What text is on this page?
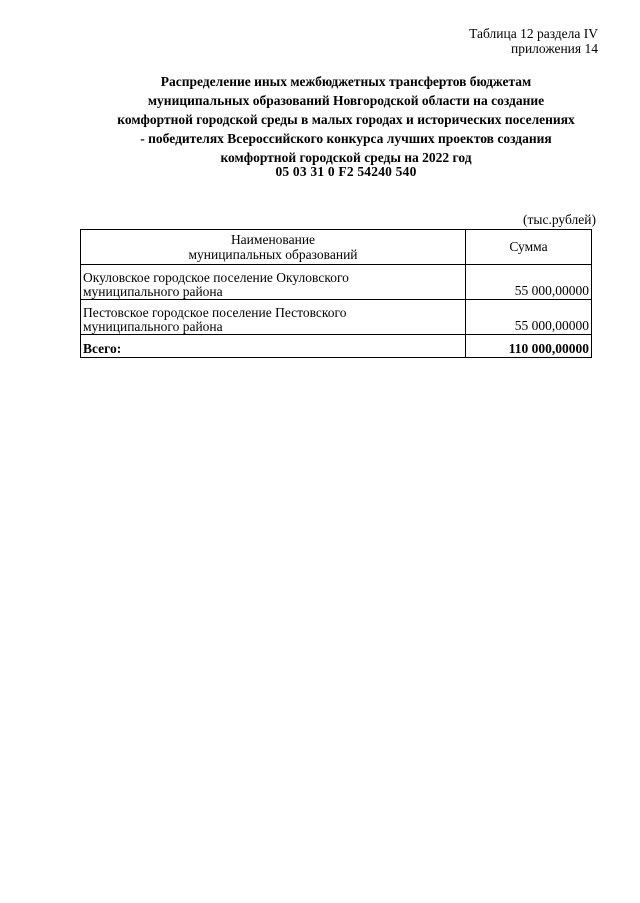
Таблица 12 раздела IV
приложения 14
Распределение иных межбюджетных трансфертов бюджетам
муниципальных образований Новгородской области на создание
комфортной городской среды в малых городах и исторических поселениях
- победителях Всероссийского конкурса лучших проектов создания
комфортной городской среды на 2022 год
05 03 31 0 F2 54240 540
(тыс.рублей)
Наименование
муниципальных образований	Сумма

Окуловское городское поселение Окуловского
муниципального района	55 000,00000

Пестовское городское поселение Пестовского
муниципального района	55 000,00000
Всего:	110 000,00000
